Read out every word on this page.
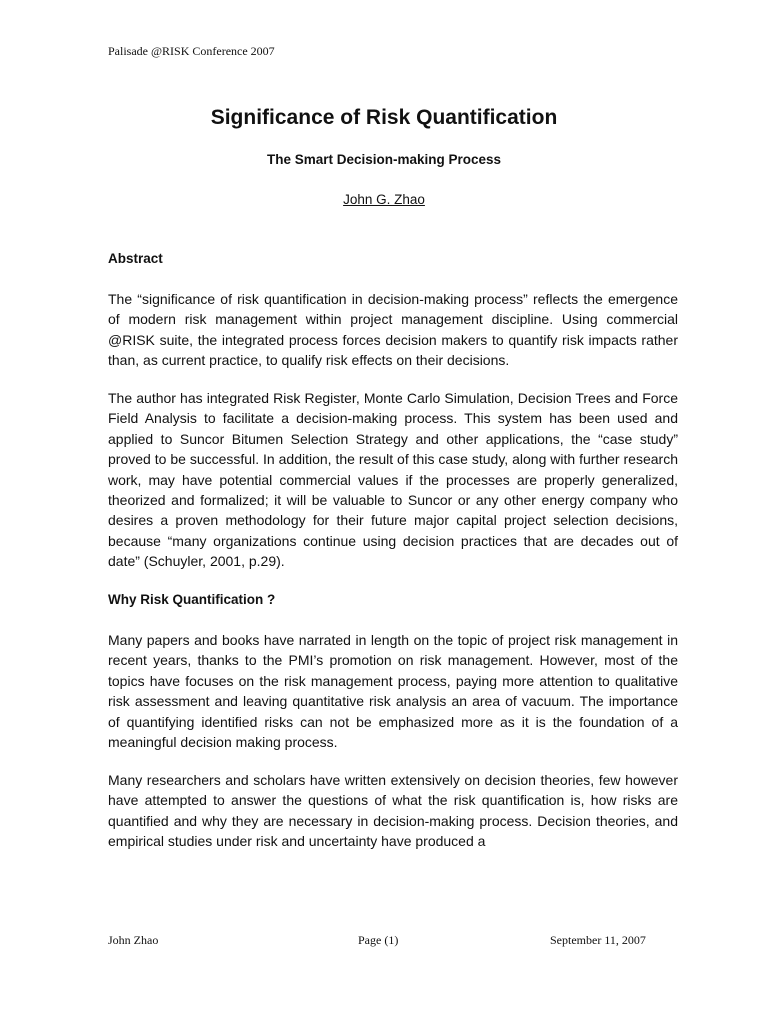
Palisade @RISK Conference 2007
Significance of Risk Quantification
The Smart Decision-making Process
John G. Zhao
Abstract
The “significance of risk quantification in decision-making process” reflects the emergence of modern risk management within project management discipline. Using commercial @RISK suite, the integrated process forces decision makers to quantify risk impacts rather than, as current practice, to qualify risk effects on their decisions.
The author has integrated Risk Register, Monte Carlo Simulation, Decision Trees and Force Field Analysis to facilitate a decision-making process. This system has been used and applied to Suncor Bitumen Selection Strategy and other applications, the “case study” proved to be successful. In addition, the result of this case study, along with further research work, may have potential commercial values if the processes are properly generalized, theorized and formalized; it will be valuable to Suncor or any other energy company who desires a proven methodology for their future major capital project selection decisions, because “many organizations continue using decision practices that are decades out of date” (Schuyler, 2001, p.29).
Why Risk Quantification ?
Many papers and books have narrated in length on the topic of project risk management in recent years, thanks to the PMI’s promotion on risk management. However, most of the topics have focuses on the risk management process, paying more attention to qualitative risk assessment and leaving quantitative risk analysis an area of vacuum. The importance of quantifying identified risks can not be emphasized more as it is the foundation of a meaningful decision making process.
Many researchers and scholars have written extensively on decision theories, few however have attempted to answer the questions of what the risk quantification is, how risks are quantified and why they are necessary in decision-making process. Decision theories, and empirical studies under risk and uncertainty have produced a
John Zhao	Page (1)	September 11, 2007
